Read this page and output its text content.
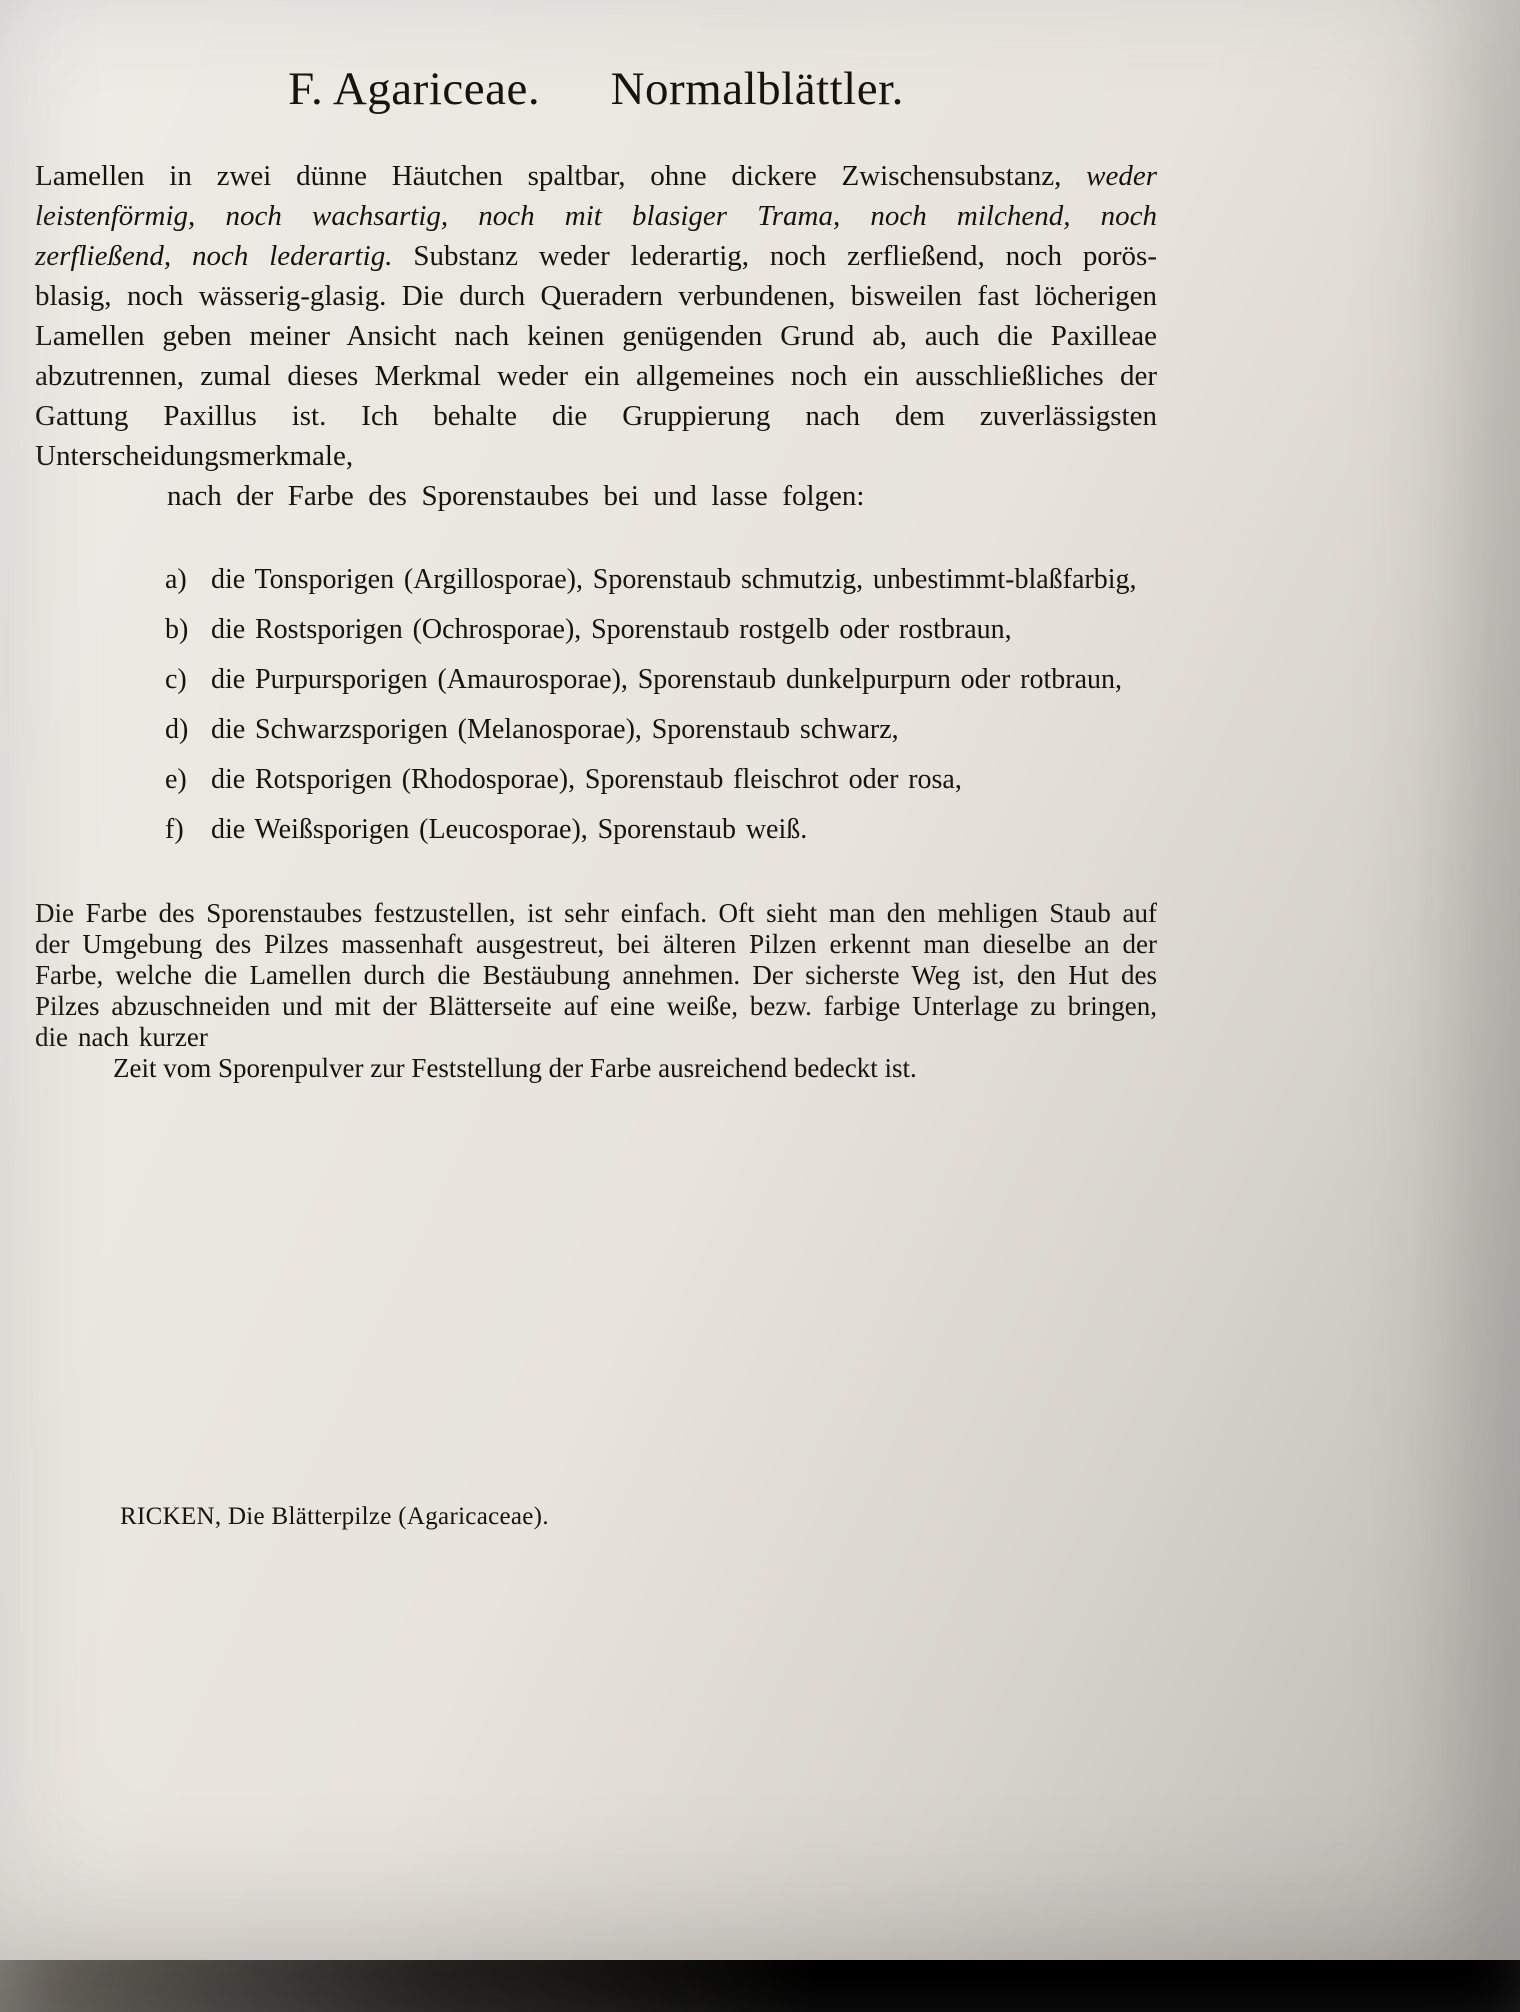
F. Agariceae. Normalblättler.
Lamellen in zwei dünne Häutchen spaltbar, ohne dickere Zwischensubstanz, weder leistenförmig, noch wachsartig, noch mit blasiger Trama, noch milchend, noch zerfließend, noch lederartig. Substanz weder lederartig, noch zerfließend, noch porös-blasig, noch wässerig-glasig. Die durch Queradern verbundenen, bisweilen fast löcherigen Lamellen geben meiner Ansicht nach keinen genügenden Grund ab, auch die Paxilleae abzutrennen, zumal dieses Merkmal weder ein allgemeines noch ein ausschließliches der Gattung Paxillus ist. Ich behalte die Gruppierung nach dem zuverlässigsten Unterscheidungsmerkmale,
nach der Farbe des Sporenstaubes bei und lasse folgen:
a) die Tonsporigen (Argillosporae), Sporenstaub schmutzig, unbestimmt-blaßfarbig,
b) die Rostsporigen (Ochrosporae), Sporenstaub rostgelb oder rostbraun,
c) die Purpursporigen (Amaurosporae), Sporenstaub dunkelpurpurn oder rotbraun,
d) die Schwarzsporigen (Melanosporae), Sporenstaub schwarz,
e) die Rotsporigen (Rhodosporae), Sporenstaub fleischrot oder rosa,
f) die Weißsporigen (Leucosporae), Sporenstaub weiß.
Die Farbe des Sporenstaubes festzustellen, ist sehr einfach. Oft sieht man den mehligen Staub auf der Umgebung des Pilzes massenhaft ausgestreut, bei älteren Pilzen erkennt man dieselbe an der Farbe, welche die Lamellen durch die Bestäubung annehmen. Der sicherste Weg ist, den Hut des Pilzes abzuschneiden und mit der Blätterseite auf eine weiße, bezw. farbige Unterlage zu bringen, die nach kurzer
Zeit vom Sporenpulver zur Feststellung der Farbe ausreichend bedeckt ist.
RICKEN, Die Blätterpilze (Agaricaceae).
